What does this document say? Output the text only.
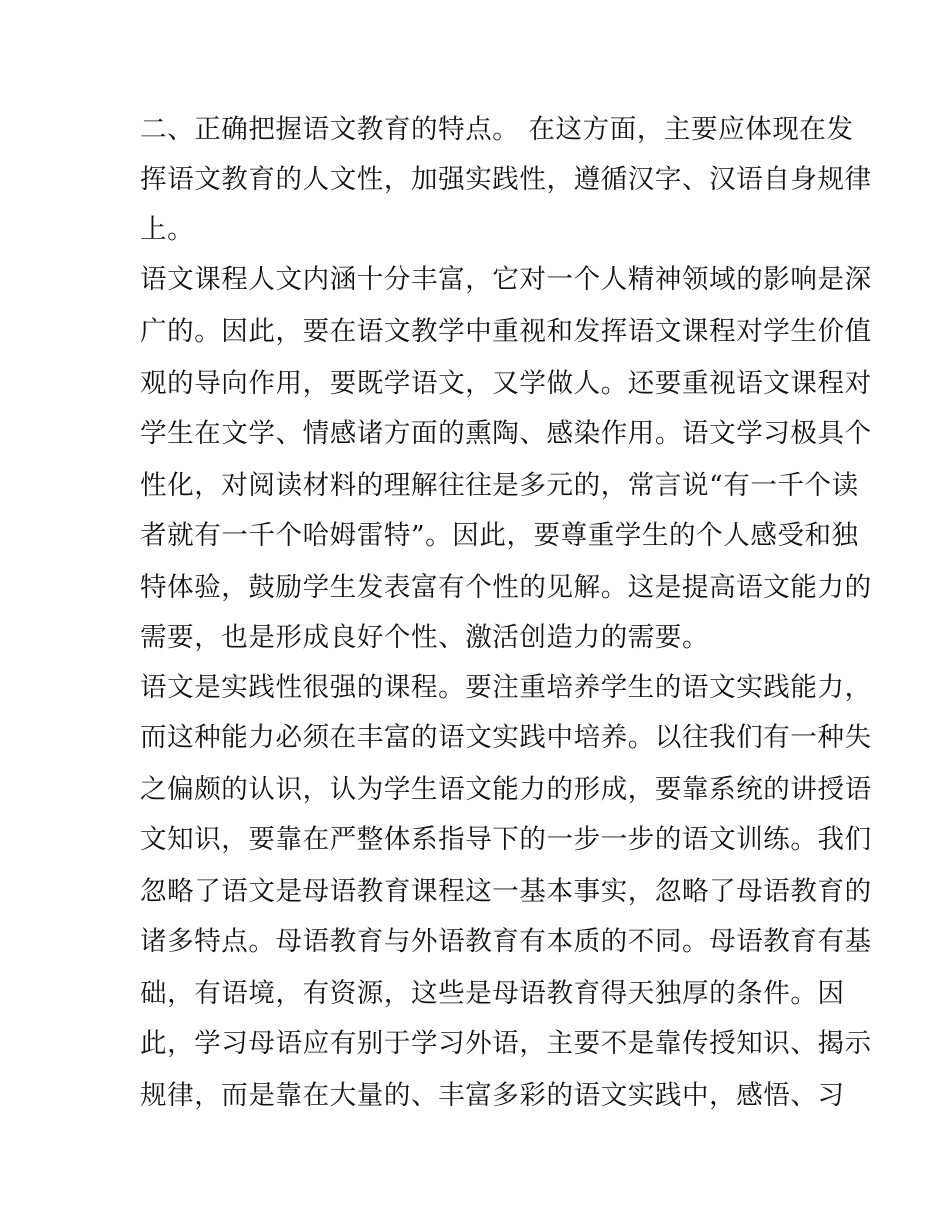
二、正确把握语文教育的特点。 在这方面，主要应体现在发
挥语文教育的人文性，加强实践性，遵循汉字、汉语自身规律
上。
语文课程人文内涵十分丰富，它对一个人精神领域的影响是深
广的。因此，要在语文教学中重视和发挥语文课程对学生价值
观的导向作用，要既学语文，又学做人。还要重视语文课程对
学生在文学、情感诸方面的熏陶、感染作用。语文学习极具个
性化，对阅读材料的理解往往是多元的，常言说“有一千个读
者就有一千个哈姆雷特”。因此，要尊重学生的个人感受和独
特体验，鼓励学生发表富有个性的见解。这是提高语文能力的
需要，也是形成良好个性、激活创造力的需要。
语文是实践性很强的课程。要注重培养学生的语文实践能力，
而这种能力必须在丰富的语文实践中培养。以往我们有一种失
之偏颇的认识，认为学生语文能力的形成，要靠系统的讲授语
文知识，要靠在严整体系指导下的一步一步的语文训练。我们
忽略了语文是母语教育课程这一基本事实，忽略了母语教育的
诸多特点。母语教育与外语教育有本质的不同。母语教育有基
础，有语境，有资源，这些是母语教育得天独厚的条件。因
此，学习母语应有别于学习外语，主要不是靠传授知识、揭示
规律，而是靠在大量的、丰富多彩的语文实践中，感悟、习
